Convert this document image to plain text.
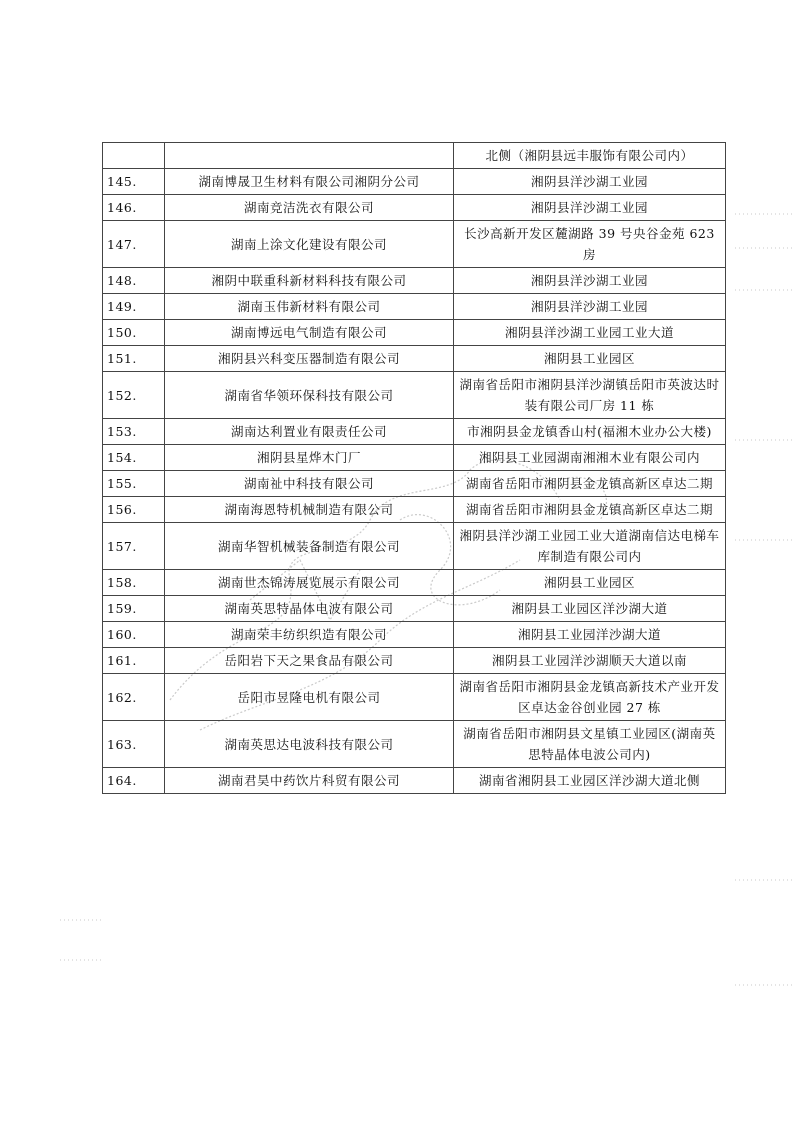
		北侧（湘阴县远丰服饰有限公司内）
145.	湖南博晟卫生材料有限公司湘阴分公司	湘阴县洋沙湖工业园
146.	湖南竞洁洗衣有限公司	湘阴县洋沙湖工业园
147.	湖南上涂文化建设有限公司	长沙高新开发区麓湖路 39 号央谷金苑 623 房
148.	湘阴中联重科新材料科技有限公司	湘阴县洋沙湖工业园
149.	湖南玉伟新材料有限公司	湘阴县洋沙湖工业园
150.	湖南博远电气制造有限公司	湘阴县洋沙湖工业园工业大道
151.	湘阴县兴科变压器制造有限公司	湘阴县工业园区
152.	湖南省华领环保科技有限公司	湖南省岳阳市湘阴县洋沙湖镇岳阳市英波达时装有限公司厂房 11 栋
153.	湖南达利置业有限责任公司	市湘阴县金龙镇香山村(福湘木业办公大楼)
154.	湘阴县星烨木门厂	湘阴县工业园湖南湘湘木业有限公司内
155.	湖南祉中科技有限公司	湖南省岳阳市湘阴县金龙镇高新区卓达二期
156.	湖南海恩特机械制造有限公司	湖南省岳阳市湘阴县金龙镇高新区卓达二期
157.	湖南华智机械装备制造有限公司	湘阴县洋沙湖工业园工业大道湖南信达电梯车库制造有限公司内
158.	湖南世杰锦涛展览展示有限公司	湘阴县工业园区
159.	湖南英思特晶体电波有限公司	湘阴县工业园区洋沙湖大道
160.	湖南荣丰纺织织造有限公司	湘阴县工业园洋沙湖大道
161.	岳阳岩下天之果食品有限公司	湘阴县工业园洋沙湖顺天大道以南
162.	岳阳市昱隆电机有限公司	湖南省岳阳市湘阴县金龙镇高新技术产业开发区卓达金谷创业园 27 栋
163.	湖南英思达电波科技有限公司	湖南省岳阳市湘阴县文星镇工业园区(湖南英思特晶体电波公司内)
164.	湖南君昊中药饮片科贸有限公司	湖南省湘阴县工业园区洋沙湖大道北侧
